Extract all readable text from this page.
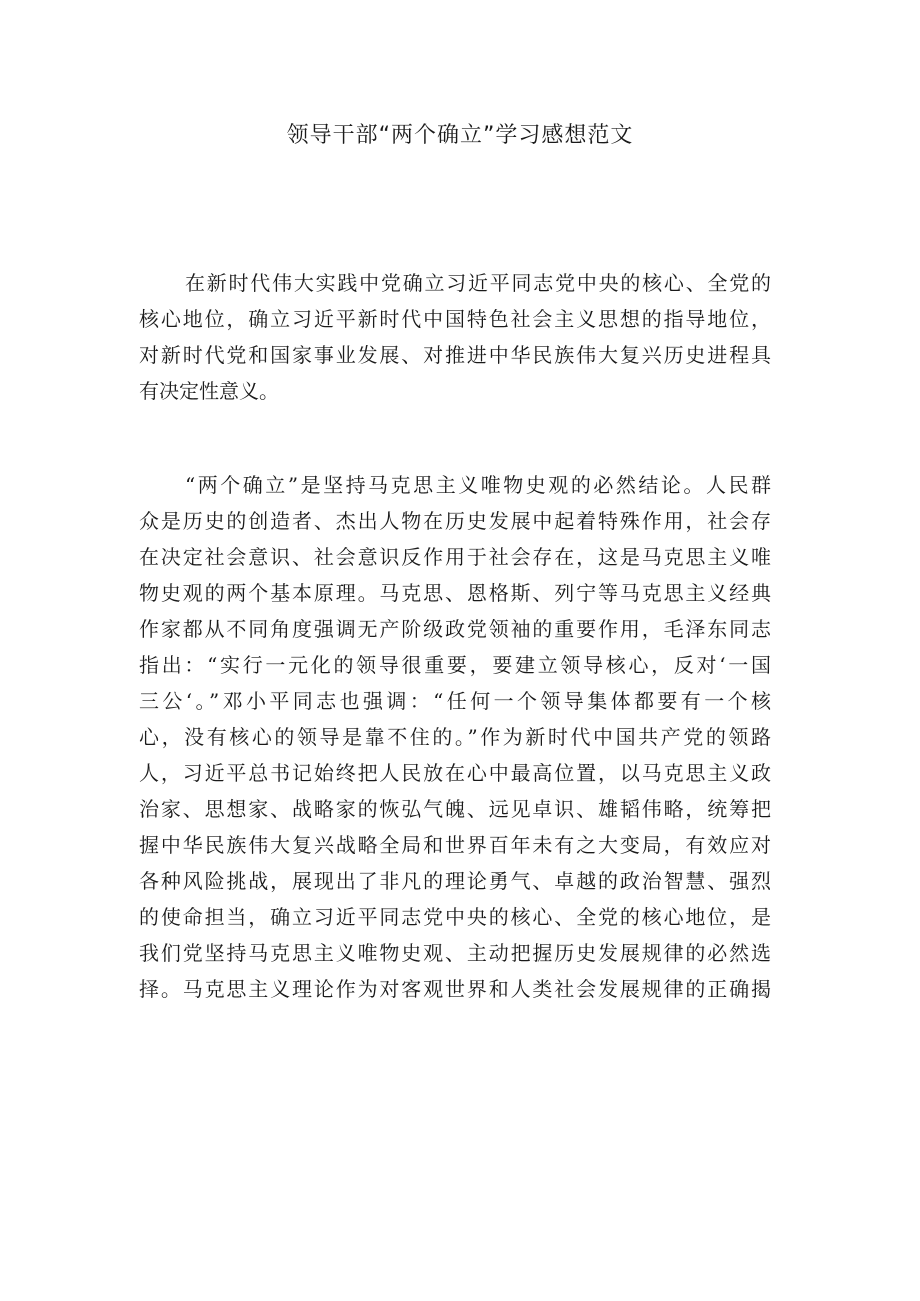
领导干部“两个确立”学习感想范文

在新时代伟大实践中党确立习近平同志党中央的核心、全党的
核心地位，确立习近平新时代中国特色社会主义思想的指导地位，
对新时代党和国家事业发展、对推进中华民族伟大复兴历史进程具
有决定性意义。

“两个确立”是坚持马克思主义唯物史观的必然结论。人民群
众是历史的创造者、杰出人物在历史发展中起着特殊作用，社会存
在决定社会意识、社会意识反作用于社会存在，这是马克思主义唯
物史观的两个基本原理。马克思、恩格斯、列宁等马克思主义经典
作家都从不同角度强调无产阶级政党领袖的重要作用，毛泽东同志
指出：“实行一元化的领导很重要，要建立领导核心，反对‘一国
三公‘。”邓小平同志也强调：“任何一个领导集体都要有一个核
心，没有核心的领导是靠不住的。”作为新时代中国共产党的领路
人，习近平总书记始终把人民放在心中最高位置，以马克思主义政
治家、思想家、战略家的恢弘气魄、远见卓识、雄韬伟略，统筹把
握中华民族伟大复兴战略全局和世界百年未有之大变局，有效应对
各种风险挑战，展现出了非凡的理论勇气、卓越的政治智慧、强烈
的使命担当，确立习近平同志党中央的核心、全党的核心地位，是
我们党坚持马克思主义唯物史观、主动把握历史发展规律的必然选
择。马克思主义理论作为对客观世界和人类社会发展规律的正确揭
